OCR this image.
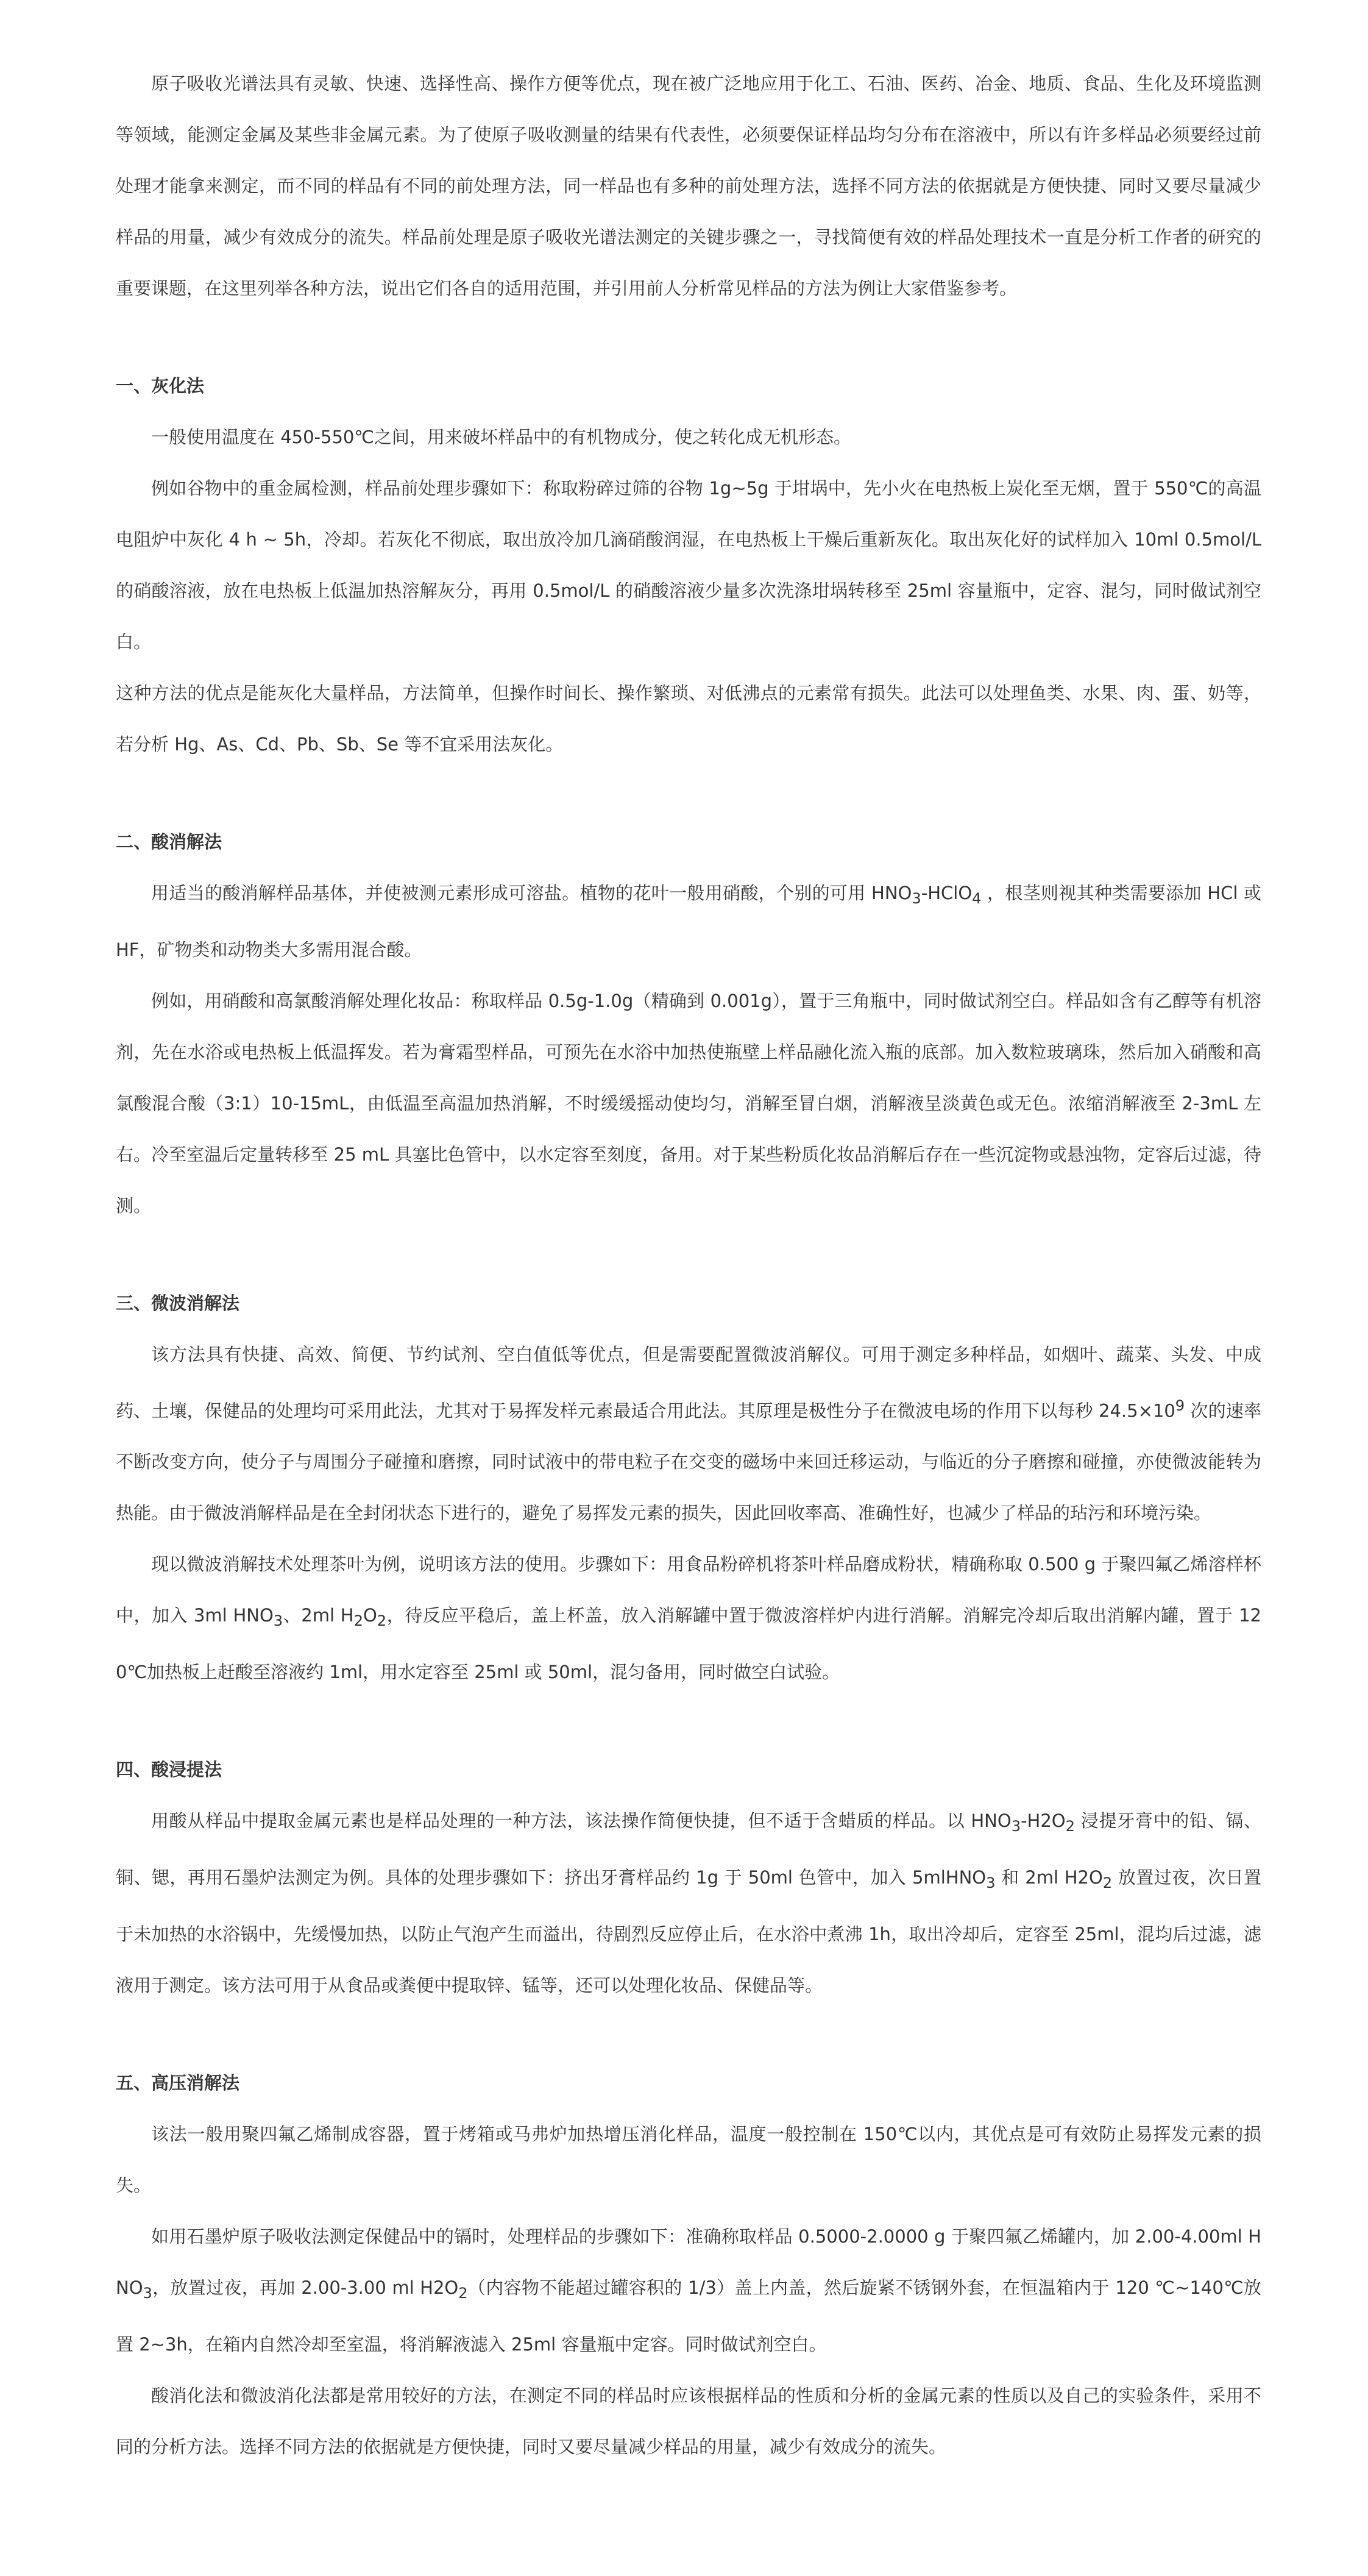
原子吸收光谱法具有灵敏、快速、选择性高、操作方便等优点，现在被广泛地应用于化工、石油、医药、冶金、地质、食品、生化及环境监测等领域，能测定金属及某些非金属元素。为了使原子吸收测量的结果有代表性，必须要保证样品均匀分布在溶液中，所以有许多样品必须要经过前处理才能拿来测定，而不同的样品有不同的前处理方法，同一样品也有多种的前处理方法，选择不同方法的依据就是方便快捷、同时又要尽量减少样品的用量，减少有效成分的流失。样品前处理是原子吸收光谱法测定的关键步骤之一，寻找简便有效的样品处理技术一直是分析工作者的研究的重要课题，在这里列举各种方法，说出它们各自的适用范围，并引用前人分析常见样品的方法为例让大家借鉴参考。

一、灰化法

一般使用温度在 450-550℃之间，用来破坏样品中的有机物成分，使之转化成无机形态。

例如谷物中的重金属检测，样品前处理步骤如下：称取粉碎过筛的谷物 1g~5g 于坩埚中，先小火在电热板上炭化至无烟，置于 550℃的高温电阻炉中灰化 4 h ~ 5h，冷却。若灰化不彻底，取出放冷加几滴硝酸润湿，在电热板上干燥后重新灰化。取出灰化好的试样加入 10ml 0.5mol/L 的硝酸溶液，放在电热板上低温加热溶解灰分，再用 0.5mol/L 的硝酸溶液少量多次洗涤坩埚转移至 25ml 容量瓶中，定容、混匀，同时做试剂空白。

这种方法的优点是能灰化大量样品，方法简单，但操作时间长、操作繁琐、对低沸点的元素常有损失。此法可以处理鱼类、水果、肉、蛋、奶等，若分析 Hg、As、Cd、Pb、Sb、Se 等不宜采用法灰化。

二、酸消解法

用适当的酸消解样品基体，并使被测元素形成可溶盐。植物的花叶一般用硝酸，个别的可用 $HNO_3-HClO_4$ ，根茎则视其种类需要添加 HCl 或 HF，矿物类和动物类大多需用混合酸。

例如，用硝酸和高氯酸消解处理化妆品：称取样品 0.5g-1.0g（精确到 0.001g），置于三角瓶中，同时做试剂空白。样品如含有乙醇等有机溶剂，先在水浴或电热板上低温挥发。若为膏霜型样品，可预先在水浴中加热使瓶壁上样品融化流入瓶的底部。加入数粒玻璃珠，然后加入硝酸和高氯酸混合酸（3:1）10-15mL，由低温至高温加热消解，不时缓缓摇动使均匀，消解至冒白烟，消解液呈淡黄色或无色。浓缩消解液至 2-3mL 左右。冷至室温后定量转移至 25 mL 具塞比色管中，以水定容至刻度，备用。对于某些粉质化妆品消解后存在一些沉淀物或悬浊物，定容后过滤，待测。

三、微波消解法

该方法具有快捷、高效、简便、节约试剂、空白值低等优点，但是需要配置微波消解仪。可用于测定多种样品，如烟叶、蔬菜、头发、中成药、土壤，保健品的处理均可采用此法，尤其对于易挥发样元素最适合用此法。其原理是极性分子在微波电场的作用下以每秒 $24.5\times 10^9$ 次的速率不断改变方向，使分子与周围分子碰撞和磨擦，同时试液中的带电粒子在交变的磁场中来回迁移运动，与临近的分子磨擦和碰撞，亦使微波能转为热能。由于微波消解样品是在全封闭状态下进行的，避免了易挥发元素的损失，因此回收率高、准确性好，也减少了样品的玷污和环境污染。

现以微波消解技术处理茶叶为例，说明该方法的使用。步骤如下：用食品粉碎机将茶叶样品磨成粉状，精确称取 0.500 g 于聚四氟乙烯溶样杯中，加入 3ml $HNO_3$、2ml $H_2O_2$，待反应平稳后，盖上杯盖，放入消解罐中置于微波溶样炉内进行消解。消解完冷却后取出消解内罐，置于 120℃加热板上赶酸至溶液约 1ml，用水定容至 25ml 或 50ml，混匀备用，同时做空白试验。

四、酸浸提法

用酸从样品中提取金属元素也是样品处理的一种方法，该法操作简便快捷，但不适于含蜡质的样品。以 $HNO_3-H2O_2$ 浸提牙膏中的铅、镉、铜、锶，再用石墨炉法测定为例。具体的处理步骤如下：挤出牙膏样品约 1g 于 50ml 色管中，加入 5mlHNO$_3$ 和 2ml $H2O_2$ 放置过夜，次日置于未加热的水浴锅中，先缓慢加热，以防止气泡产生而溢出，待剧烈反应停止后，在水浴中煮沸 1h，取出冷却后，定容至 25ml，混均后过滤，滤液用于测定。该方法可用于从食品或粪便中提取锌、锰等，还可以处理化妆品、保健品等。

五、高压消解法

该法一般用聚四氟乙烯制成容器，置于烤箱或马弗炉加热增压消化样品，温度一般控制在 150℃以内，其优点是可有效防止易挥发元素的损失。

如用石墨炉原子吸收法测定保健品中的镉时，处理样品的步骤如下：准确称取样品 0.5000-2.0000 g 于聚四氟乙烯罐内，加 2.00-4.00ml $HNO_3$，放置过夜，再加 2.00-3.00 ml $H2O_2$（内容物不能超过罐容积的 1/3）盖上内盖，然后旋紧不锈钢外套，在恒温箱内于 120 ℃~140℃放置 2~3h，在箱内自然冷却至室温，将消解液滤入 25ml 容量瓶中定容。同时做试剂空白。

酸消化法和微波消化法都是常用较好的方法，在测定不同的样品时应该根据样品的性质和分析的金属元素的性质以及自己的实验条件，采用不同的分析方法。选择不同方法的依据就是方便快捷，同时又要尽量减少样品的用量，减少有效成分的流失。
